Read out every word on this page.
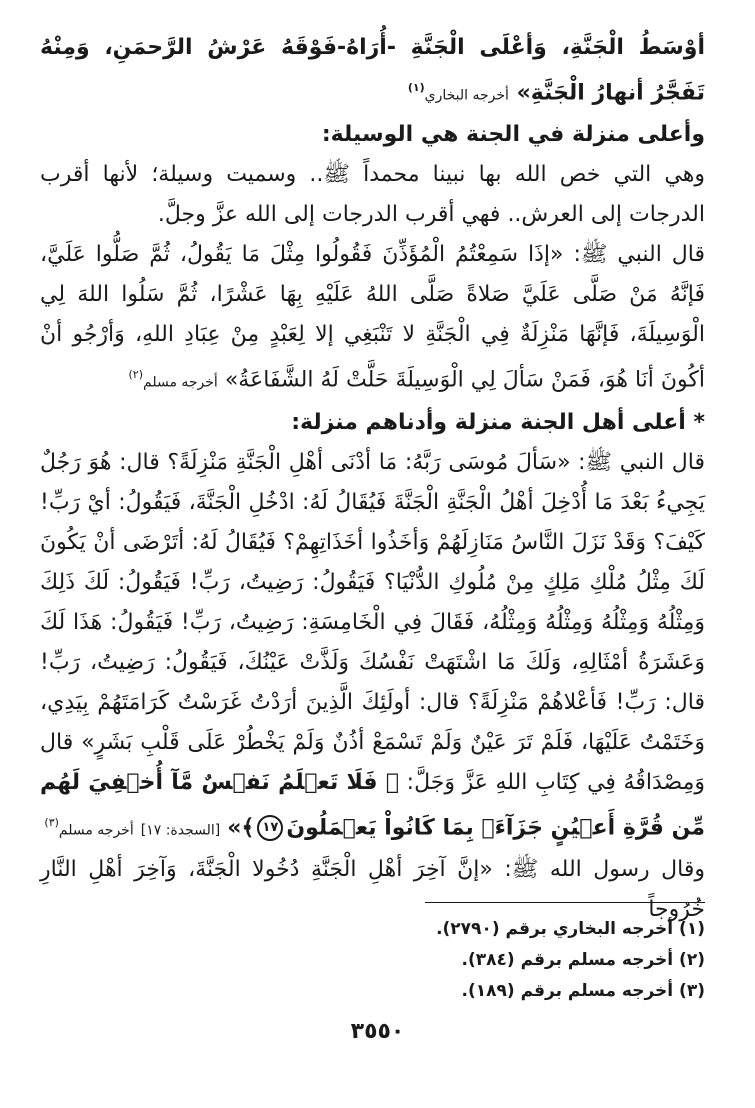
أوْسَطُ الْجَنَّةِ، وَأعْلَى الْجَنَّةِ -أُرَاهُ-فَوْقَهُ عَرْشُ الرَّحمَنِ، وَمِنْهُ تَفَجَّرُ أنهارُ الْجَنَّةِ» أخرجه البخاري$^{(١)}$

وأعلى منزلة في الجنة هي الوسيلة:

وهي التي خص الله بها نبينا محمداً ﷺ.. وسميت وسيلة؛ لأنها أقرب الدرجات إلى العرش.. فهي أقرب الدرجات إلى الله عزَّ وجلَّ.

قال النبي ﷺ: «إذَا سَمِعْتُمُ الْمُؤَذِّنَ فَقُولُوا مِثْلَ مَا يَقُولُ، ثُمَّ صَلُّوا عَلَيَّ، فَإنَّهُ مَنْ صَلَّى عَلَيَّ صَلاةً صَلَّى اللهُ عَلَيْهِ بِهَا عَشْرًا، ثُمَّ سَلُوا اللهَ لِي الْوَسِيلَةَ، فَإنَّهَا مَنْزِلَةٌ فِي الْجَنَّةِ لا تَنْبَغِي إلا لِعَبْدٍ مِنْ عِبَادِ اللهِ، وَأرْجُو أنْ أكُونَ أنَا هُوَ، فَمَنْ سَألَ لِي الْوَسِيلَةَ حَلَّتْ لَهُ الشَّفَاعَةُ» أخرجه مسلم$^{(٢)}$

* أعلى أهل الجنة منزلة وأدناهم منزلة:

قال النبي ﷺ: «سَألَ مُوسَى رَبَّهُ: مَا أدْنَى أهْلِ الْجَنَّةِ مَنْزِلَةً؟ قال: هُوَ رَجُلٌ يَجِيءُ بَعْدَ مَا أُدْخِلَ أهْلُ الْجَنَّةِ الْجَنَّةَ فَيُقَالُ لَهُ: ادْخُلِ الْجَنَّةَ، فَيَقُولُ: أيْ رَبِّ! كَيْفَ؟ وَقَدْ نَزَلَ النَّاسُ مَنَازِلَهُمْ وَأخَذُوا أخَذَاتِهِمْ؟ فَيُقَالُ لَهُ: أتَرْضَى أنْ يَكُونَ لَكَ مِثْلُ مُلْكِ مَلِكٍ مِنْ مُلُوكِ الدُّنْيَا؟ فَيَقُولُ: رَضِيتُ، رَبِّ! فَيَقُولُ: لَكَ ذَلِكَ وَمِثْلُهُ وَمِثْلُهُ وَمِثْلُهُ وَمِثْلُهُ، فَقَالَ فِي الْخَامِسَةِ: رَضِيتُ، رَبِّ! فَيَقُولُ: هَذَا لَكَ وَعَشَرَةُ أمْثَالِهِ، وَلَكَ مَا اشْتَهَتْ نَفْسُكَ وَلَذَّتْ عَيْنُكَ، فَيَقُولُ: رَضِيتُ، رَبِّ! قال: رَبِّ! فَأعْلاهُمْ مَنْزِلَةً؟ قال: أولَئِكَ الَّذِينَ أرَدْتُ غَرَسْتُ كَرَامَتَهُمْ بِيَدِي، وَخَتَمْتُ عَلَيْهَا، فَلَمْ تَرَ عَيْنٌ وَلَمْ تَسْمَعْ أذُنٌ وَلَمْ يَخْطُرْ عَلَى قَلْبِ بَشَرٍ» قال وَمِصْدَاقُهُ فِي كِتَابِ اللهِ عَزَّ وَجَلَّ: ﴿ فَلَا تَعۡلَمُ نَفۡسٌ مَّآ أُخۡفِيَ لَهُم مِّن قُرَّةِ أَعۡيُنٍ جَزَآءَۢ بِمَا كَانُواْ يَعۡمَلُونَ١٧﴾» [السجدة: ١٧] أخرجه مسلم$^{(٣)}$

وقال رسول الله ﷺ: «إنَّ آخِرَ أهْلِ الْجَنَّةِ دُخُولا الْجَنَّةَ، وَآخِرَ أهْلِ النَّارِ خُرُوجاً

(١) أخرجه البخاري برقم (٢٧٩٠).

(٢) أخرجه مسلم برقم (٣٨٤).

(٣) أخرجه مسلم برقم (١٨٩).

٣٥٥٠
